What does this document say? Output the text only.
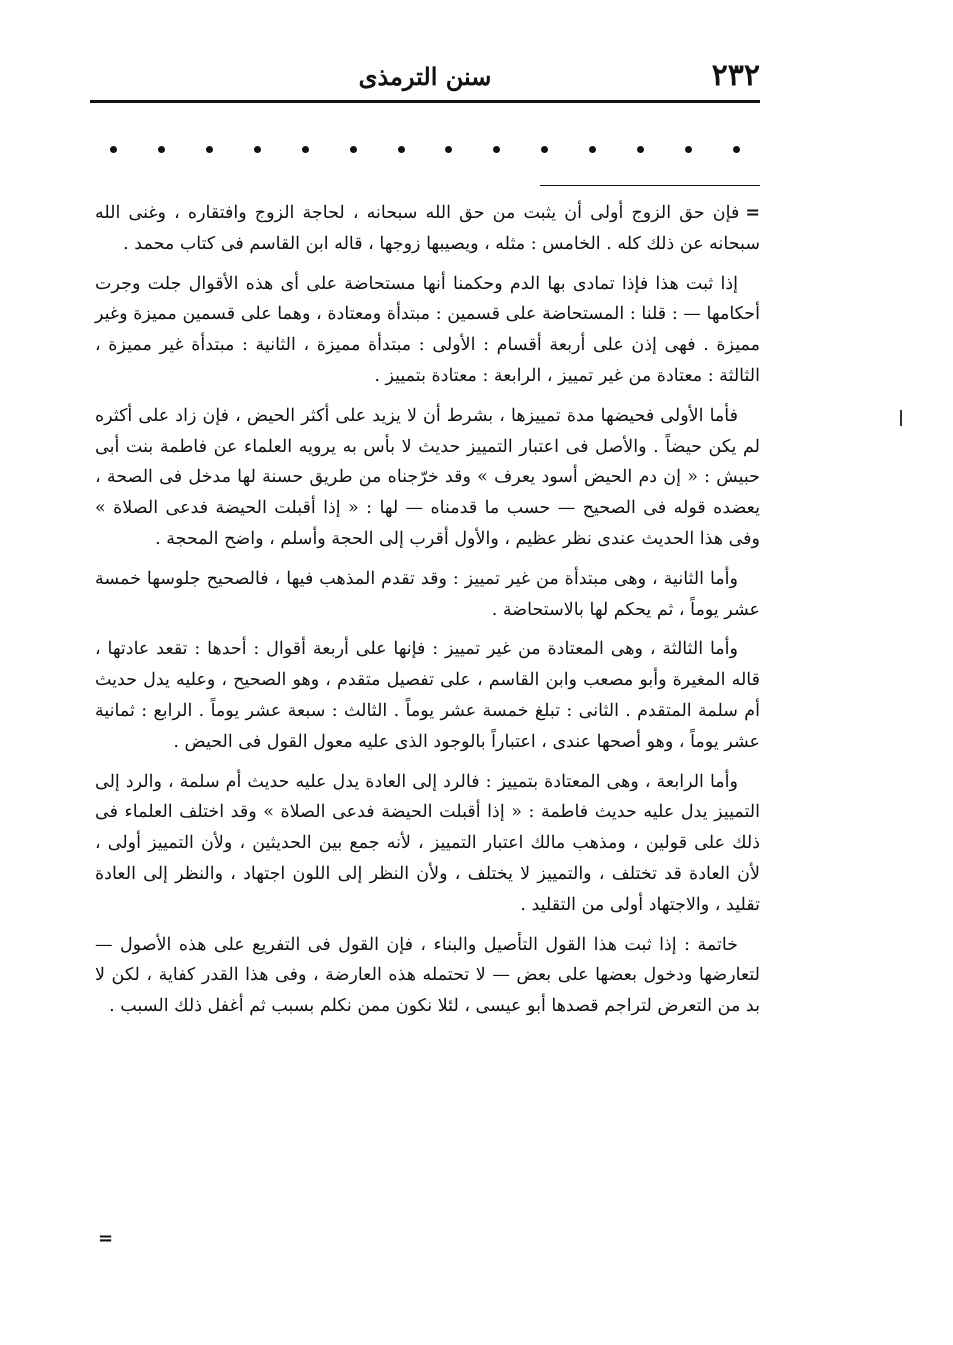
٢٣٢
سنن الترمذى

=فإن حق الزوج أولى أن يثبت من حق الله سبحانه ، لحاجة الزوج وافتقاره ، وغنى الله سبحانه عن ذلك كله . الخامس : مثله ، ويصيبها زوجها ، قاله ابن القاسم فى كتاب محمد .

إذا ثبت هذا فإذا تمادى بها الدم وحكمنا أنها مستحاضة على أى هذه الأقوال جلت وجرت أحكامها — : قلنا : المستحاضة على قسمين : مبتدأة ومعتادة ، وهما على قسمين مميزة وغير مميزة . فهى إذن على أربعة أقسام : الأولى : مبتدأة مميزة ، الثانية : مبتدأة غير مميزة ، الثالثة : معتادة من غير تمييز ، الرابعة : معتادة بتمييز .

فأما الأولى فحيضها مدة تمييزها ، بشرط أن لا يزيد على أكثر الحيض ، فإن زاد على أكثره لم يكن حيضاً . والأصل فى اعتبار التمييز حديث لا بأس به يرويه العلماء عن فاطمة بنت أبى حبيش : « إن دم الحيض أسود يعرف » وقد خرّجناه من طريق حسنة لها مدخل فى الصحة ، يعضده قوله فى الصحيح — حسب ما قدمناه — لها : « إذا أقبلت الحيضة فدعى الصلاة » وفى هذا الحديث عندى نظر عظيم ، والأول أقرب إلى الحجة وأسلم ، واضح المحجة .

وأما الثانية ، وهى مبتدأة من غير تمييز : وقد تقدم المذهب فيها ، فالصحيح جلوسها خمسة عشر يوماً ، ثم يحكم لها بالاستحاضة .

وأما الثالثة ، وهى المعتادة من غير تمييز : فإنها على أربعة أقوال : أحدها : تقعد عادتها ، قاله المغيرة وأبو مصعب وابن القاسم ، على تفصيل متقدم ، وهو الصحيح ، وعليه يدل حديث أم سلمة المتقدم . الثانى : تبلغ خمسة عشر يوماً . الثالث : سبعة عشر يوماً . الرابع : ثمانية عشر يوماً ، وهو أصحها عندى ، اعتباراً بالوجود الذى عليه معول القول فى الحيض .

وأما الرابعة ، وهى المعتادة بتمييز : فالرد إلى العادة يدل عليه حديث أم سلمة ، والرد إلى التمييز يدل عليه حديث فاطمة : « إذا أقبلت الحيضة فدعى الصلاة » وقد اختلف العلماء فى ذلك على قولين ، ومذهب مالك اعتبار التمييز ، لأنه جمع بين الحديثين ، ولأن التمييز أولى ، لأن العادة قد تختلف ، والتمييز لا يختلف ، ولأن النظر إلى اللون اجتهاد ، والنظر إلى العادة تقليد ، والاجتهاد أولى من التقليد .

خاتمة : إذا ثبت هذا القول التأصيل والبناء ، فإن القول فى التفريع على هذه الأصول — لتعارضها ودخول بعضها على بعض — لا تحتمله هذه العارضة ، وفى هذا القدر كفاية ، لكن لا بد من التعرض لتراجم قصدها أبو عيسى ، لئلا نكون ممن نكلم بسبب ثم أغفل ذلك السبب .

=
